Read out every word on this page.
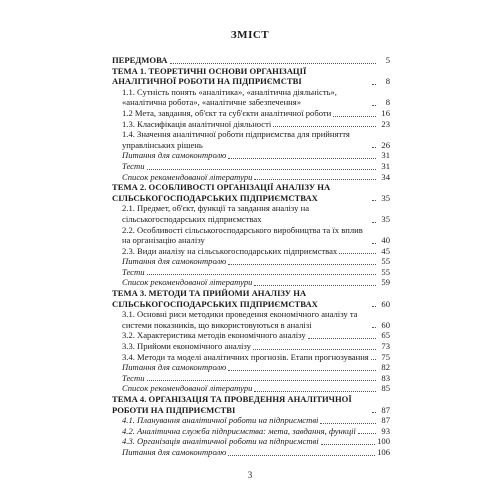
ЗМІСТ
ПЕРЕДМОВА	5
ТЕМА 1. ТЕОРЕТИЧНІ ОСНОВИ ОРГАНІЗАЦІЇ АНАЛІТИЧНОЇ РОБОТИ НА ПІДПРИЄМСТВІ	8
1.1. Сутність понять «аналітика», «аналітична діяльність», «аналітична робота», «аналітичне забезпечення»	8
1.2 Мета, завдання, об'єкт та суб'єкти аналітичної роботи	16
1.3. Класифікація аналітичної діяльності	23
1.4. Значення аналітичної роботи підприємства для прийняття управлінських рішень	26
Питання для самоконтролю	31
Тести	31
Список рекомендованої літератури	34
ТЕМА 2. ОСОБЛИВОСТІ ОРГАНІЗАЦІЇ АНАЛІЗУ НА СІЛЬСЬКОГОСПОДАРСЬКИХ ПІДПРИЄМСТВАХ	35
2.1. Предмет, об'єкт, функції та завдання аналізу на сільськогосподарських підприємствах	35
2.2. Особливості сільськогосподарського виробництва та їх вплив на організацію аналізу	40
2.3. Види аналізу на сільськогосподарських підприємствах	45
Питання для самоконтролю	55
Тести	55
Список рекомендованої літератури	59
ТЕМА 3. МЕТОДИ ТА ПРИЙОМИ АНАЛІЗУ НА СІЛЬСЬКОГОСПОДАРСЬКИХ ПІДПРИЄМСТВАХ	60
3.1. Основні риси методики проведення економічного аналізу та системи показників, що використовуються в аналізі	60
3.2. Характеристика методів економічного аналізу	65
3.3. Прийоми економічного аналізу	73
3.4. Методи та моделі аналітичних прогнозів. Етапи прогнозування	75
Питання для самоконтролю	82
Тести	83
Список рекомендованої літератури	85
ТЕМА 4. ОРГАНІЗАЦІЯ ТА ПРОВЕДЕННЯ АНАЛІТИЧНОЇ РОБОТИ НА ПІДПРИЄМСТВІ	87
4.1. Планування аналітичної роботи на підприємстві	87
4.2. Аналітична служба підприємства: мета, завдання, функції	93
4.3. Організація аналітичної роботи на підприємстві	100
Питання для самоконтролю	106
3
